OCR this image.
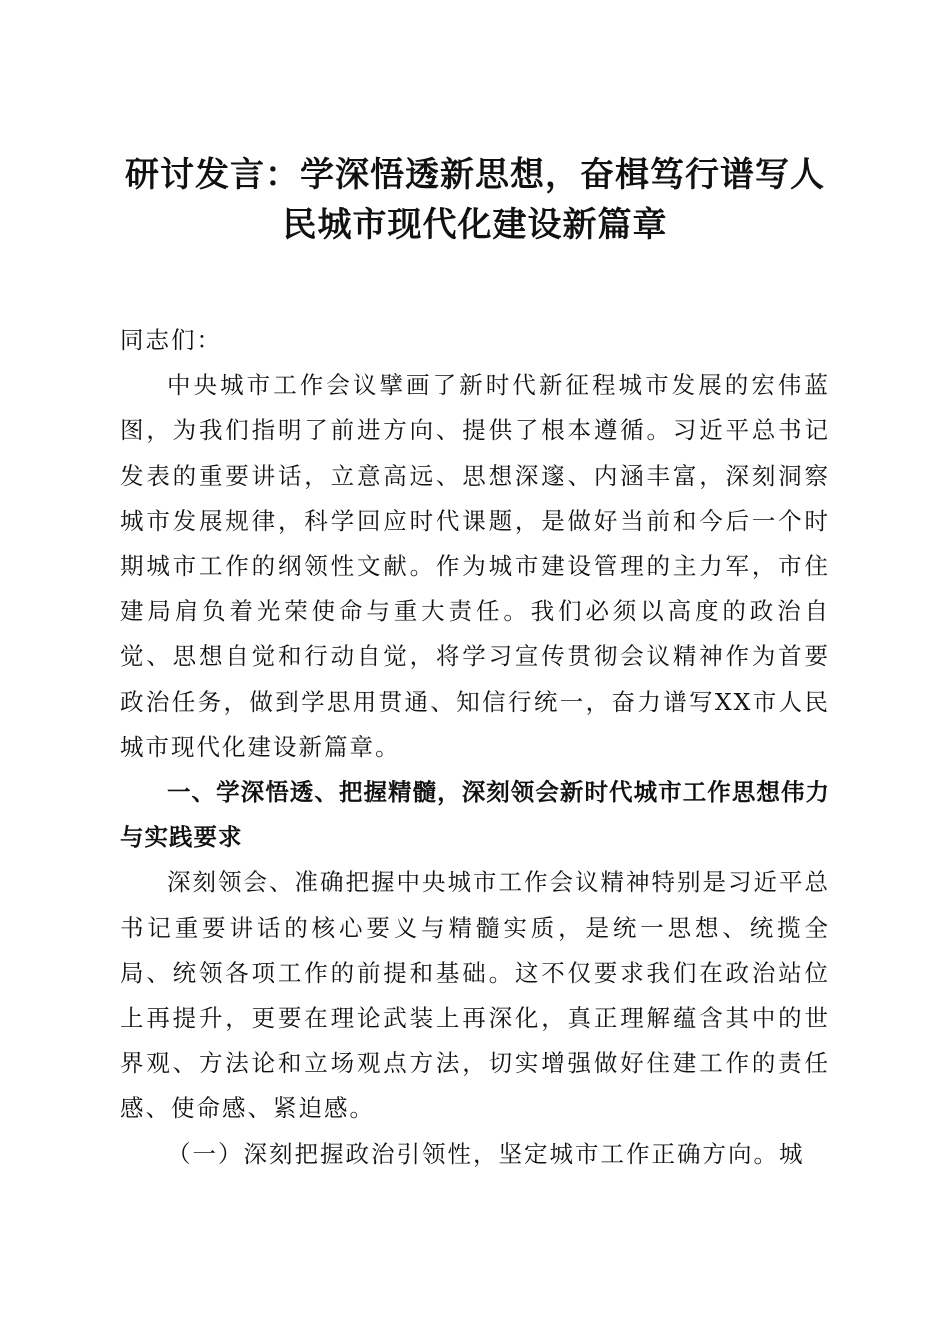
研讨发言：学深悟透新思想，奋楫笃行谱写人民城市现代化建设新篇章

同志们：

中央城市工作会议擘画了新时代新征程城市发展的宏伟蓝图，为我们指明了前进方向、提供了根本遵循。习近平总书记发表的重要讲话，立意高远、思想深邃、内涵丰富，深刻洞察城市发展规律，科学回应时代课题，是做好当前和今后一个时期城市工作的纲领性文献。作为城市建设管理的主力军，市住建局肩负着光荣使命与重大责任。我们必须以高度的政治自觉、思想自觉和行动自觉，将学习宣传贯彻会议精神作为首要政治任务，做到学思用贯通、知信行统一，奋力谱写XX市人民城市现代化建设新篇章。

一、学深悟透、把握精髓，深刻领会新时代城市工作思想伟力与实践要求

深刻领会、准确把握中央城市工作会议精神特别是习近平总书记重要讲话的核心要义与精髓实质，是统一思想、统揽全局、统领各项工作的前提和基础。这不仅要求我们在政治站位上再提升，更要在理论武装上再深化，真正理解蕴含其中的世界观、方法论和立场观点方法，切实增强做好住建工作的责任感、使命感、紧迫感。

（一）深刻把握政治引领性，坚定城市工作正确方向。城
